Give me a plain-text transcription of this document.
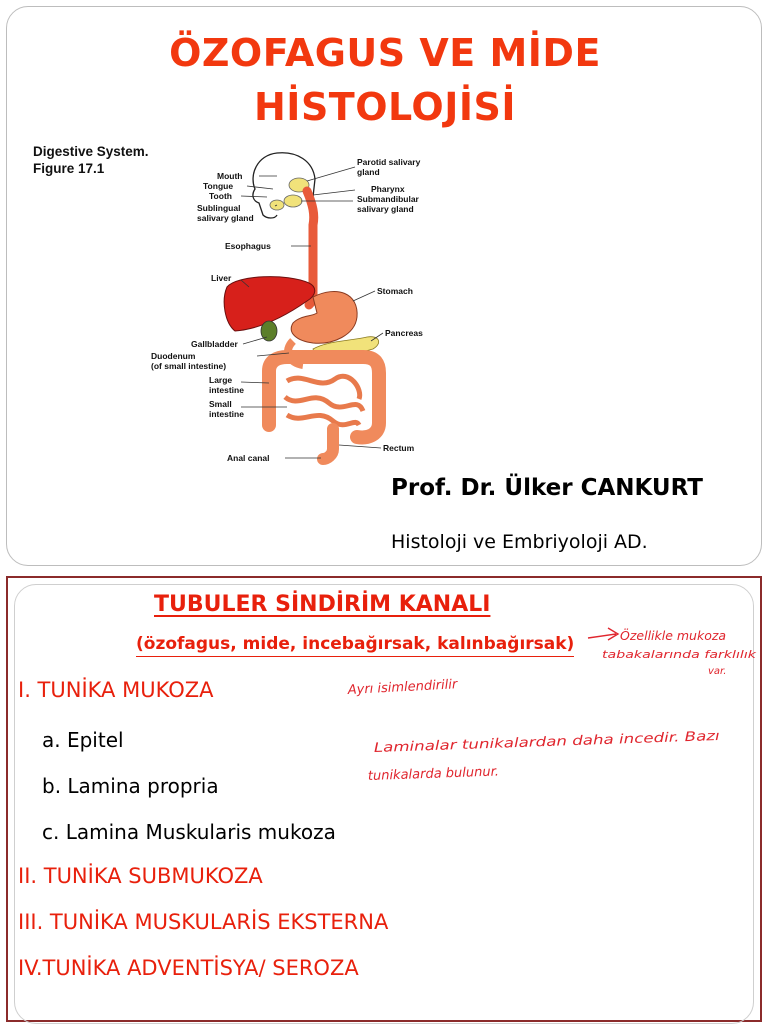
ÖZOFAGUS VE MİDE
HİSTOLOJİSİ
Digestive System.
Figure 17.1	Mouth
Tongue
Tooth
Sublingual
salivary gland
Esophagus
Liver
Gallbladder
Duodenum
(of small intestine)
Large
intestine
Small
intestine
Anal canal
Parotid salivary
gland
Pharynx
Submandibular
salivary gland
Stomach
Pancreas
Rectum
Prof. Dr. Ülker CANKURT
Histoloji ve Embriyoloji AD.
TUBULER SİNDİRİM KANALI
(özofagus, mide, incebağırsak, kalınbağırsak)
I. TUNİKA MUKOZA
a. Epitel
b. Lamina propria
c. Lamina Muskularis mukoza
II. TUNİKA SUBMUKOZA
III. TUNİKA MUSKULARİS EKSTERNA
IV.TUNİKA ADVENTİSYA/ SEROZA
Özellikle mukoza
tabakalarında farklılık
var.
Ayrı isimlendirilir
Laminalar tunikalardan daha incedir. Bazı
tunikalarda bulunur.
